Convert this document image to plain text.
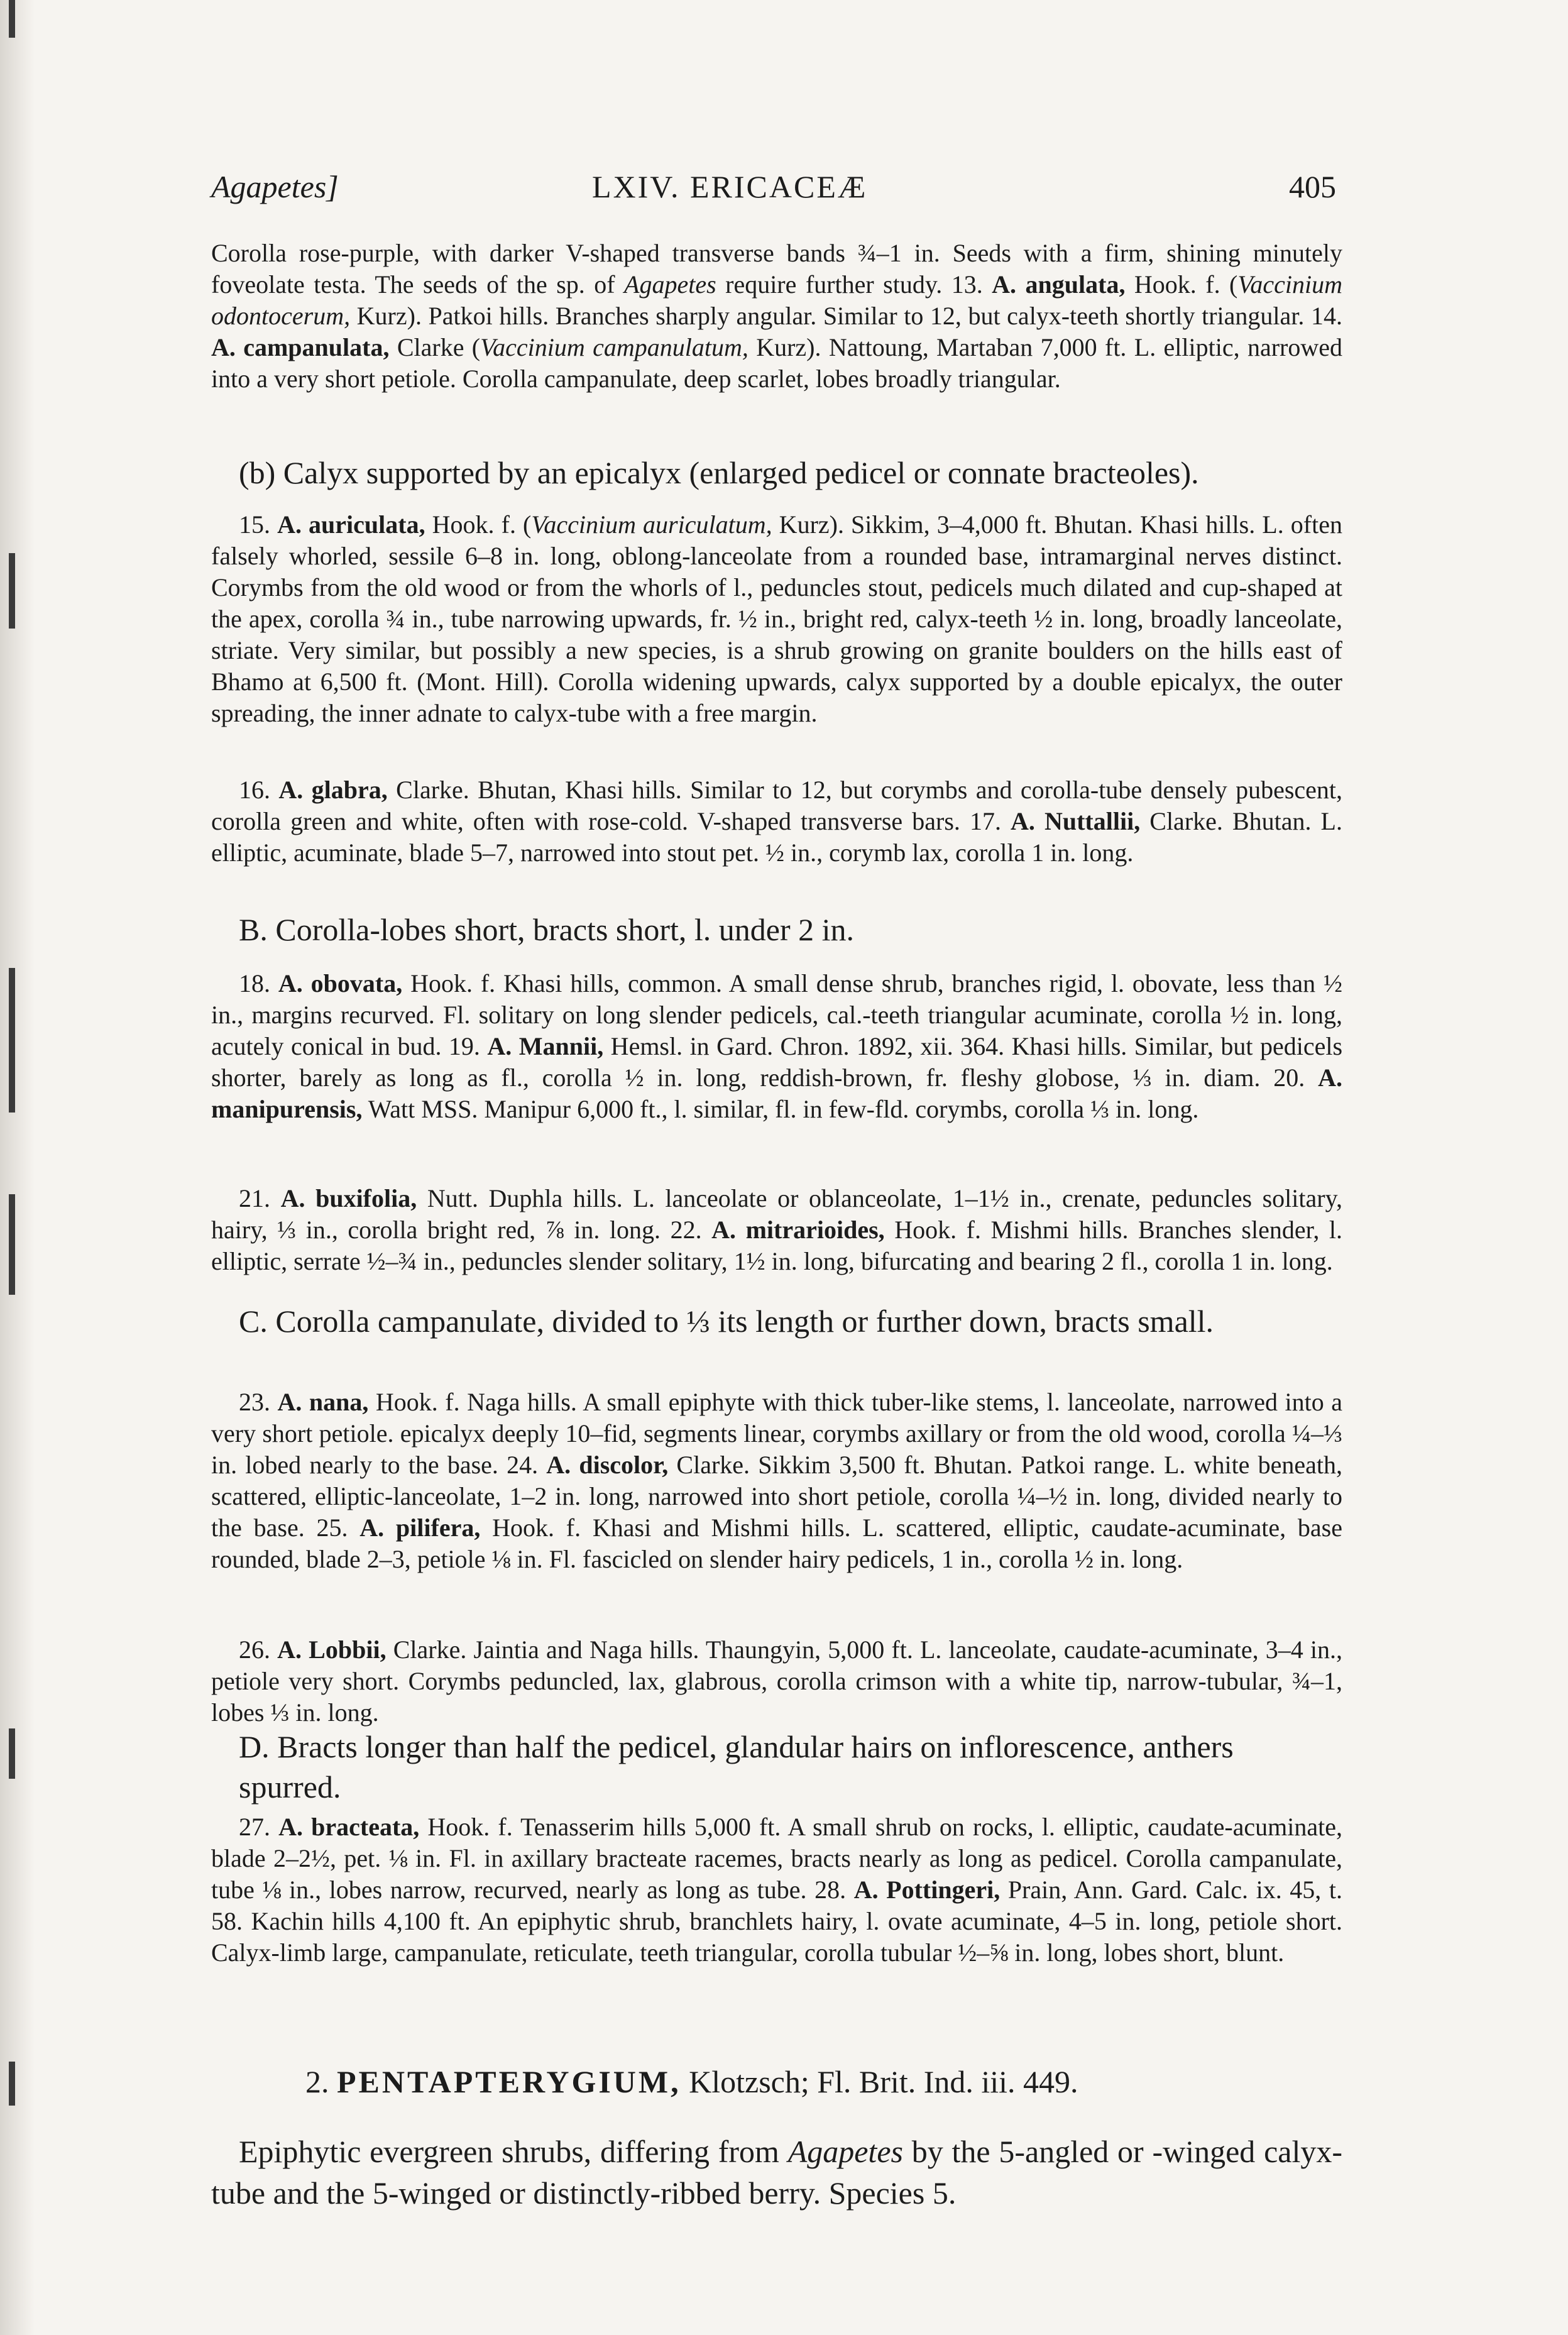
Agapetes]	LXIV. ERICACEÆ	405

Corolla rose-purple, with darker V-shaped transverse bands ¾–1 in. Seeds with a firm, shining minutely foveolate testa. The seeds of the sp. of Agapetes require further study. 13. A. angulata, Hook. f. (Vaccinium odontocerum, Kurz). Patkoi hills. Branches sharply angular. Similar to 12, but calyx-teeth shortly triangular. 14. A. campanulata, Clarke (Vaccinium campanulatum, Kurz). Nattoung, Martaban 7,000 ft. L. elliptic, narrowed into a very short petiole. Corolla campanulate, deep scarlet, lobes broadly triangular.

(b) Calyx supported by an epicalyx (enlarged pedicel or connate bracteoles).

15. A. auriculata, Hook. f. (Vaccinium auriculatum, Kurz). Sikkim, 3–4,000 ft. Bhutan. Khasi hills. L. often falsely whorled, sessile 6–8 in. long, oblong-lanceolate from a rounded base, intramarginal nerves distinct. Corymbs from the old wood or from the whorls of l., peduncles stout, pedicels much dilated and cup-shaped at the apex, corolla ¾ in., tube narrowing upwards, fr. ½ in., bright red, calyx-teeth ½ in. long, broadly lanceolate, striate. Very similar, but possibly a new species, is a shrub growing on granite boulders on the hills east of Bhamo at 6,500 ft. (Mont. Hill). Corolla widening upwards, calyx supported by a double epicalyx, the outer spreading, the inner adnate to calyx-tube with a free margin.

16. A. glabra, Clarke. Bhutan, Khasi hills. Similar to 12, but corymbs and corolla-tube densely pubescent, corolla green and white, often with rose-cold. V-shaped transverse bars. 17. A. Nuttallii, Clarke. Bhutan. L. elliptic, acuminate, blade 5–7, narrowed into stout pet. ½ in., corymb lax, corolla 1 in. long.

B. Corolla-lobes short, bracts short, l. under 2 in.

18. A. obovata, Hook. f. Khasi hills, common. A small dense shrub, branches rigid, l. obovate, less than ½ in., margins recurved. Fl. solitary on long slender pedicels, cal.-teeth triangular acuminate, corolla ½ in. long, acutely conical in bud. 19. A. Mannii, Hemsl. in Gard. Chron. 1892, xii. 364. Khasi hills. Similar, but pedicels shorter, barely as long as fl., corolla ½ in. long, reddish-brown, fr. fleshy globose, ⅓ in. diam. 20. A. manipurensis, Watt MSS. Manipur 6,000 ft., l. similar, fl. in few-fld. corymbs, corolla ⅓ in. long.

21. A. buxifolia, Nutt. Duphla hills. L. lanceolate or oblanceolate, 1–1½ in., crenate, peduncles solitary, hairy, ⅓ in., corolla bright red, ⅞ in. long. 22. A. mitrarioides, Hook. f. Mishmi hills. Branches slender, l. elliptic, serrate ½–¾ in., peduncles slender solitary, 1½ in. long, bifurcating and bearing 2 fl., corolla 1 in. long.

C. Corolla campanulate, divided to ⅓ its length or further down, bracts small.

23. A. nana, Hook. f. Naga hills. A small epiphyte with thick tuber-like stems, l. lanceolate, narrowed into a very short petiole. epicalyx deeply 10–fid, segments linear, corymbs axillary or from the old wood, corolla ¼–⅓ in. lobed nearly to the base. 24. A. discolor, Clarke. Sikkim 3,500 ft. Bhutan. Patkoi range. L. white beneath, scattered, elliptic-lanceolate, 1–2 in. long, narrowed into short petiole, corolla ¼–½ in. long, divided nearly to the base. 25. A. pilifera, Hook. f. Khasi and Mishmi hills. L. scattered, elliptic, caudate-acuminate, base rounded, blade 2–3, petiole ⅛ in. Fl. fascicled on slender hairy pedicels, 1 in., corolla ½ in. long.

26. A. Lobbii, Clarke. Jaintia and Naga hills. Thaungyin, 5,000 ft. L. lanceolate, caudate-acuminate, 3–4 in., petiole very short. Corymbs peduncled, lax, glabrous, corolla crimson with a white tip, narrow-tubular, ¾–1, lobes ⅓ in. long.

D. Bracts longer than half the pedicel, glandular hairs on inflorescence, anthers spurred.

27. A. bracteata, Hook. f. Tenasserim hills 5,000 ft. A small shrub on rocks, l. elliptic, caudate-acuminate, blade 2–2½, pet. ⅛ in. Fl. in axillary bracteate racemes, bracts nearly as long as pedicel. Corolla campanulate, tube ⅛ in., lobes narrow, recurved, nearly as long as tube. 28. A. Pottingeri, Prain, Ann. Gard. Calc. ix. 45, t. 58. Kachin hills 4,100 ft. An epiphytic shrub, branchlets hairy, l. ovate acuminate, 4–5 in. long, petiole short. Calyx-limb large, campanulate, reticulate, teeth triangular, corolla tubular ½–⅝ in. long, lobes short, blunt.

2. PENTAPTERYGIUM, Klotzsch; Fl. Brit. Ind. iii. 449.

Epiphytic evergreen shrubs, differing from Agapetes by the 5-angled or -winged calyx-tube and the 5-winged or distinctly-ribbed berry. Species 5.
